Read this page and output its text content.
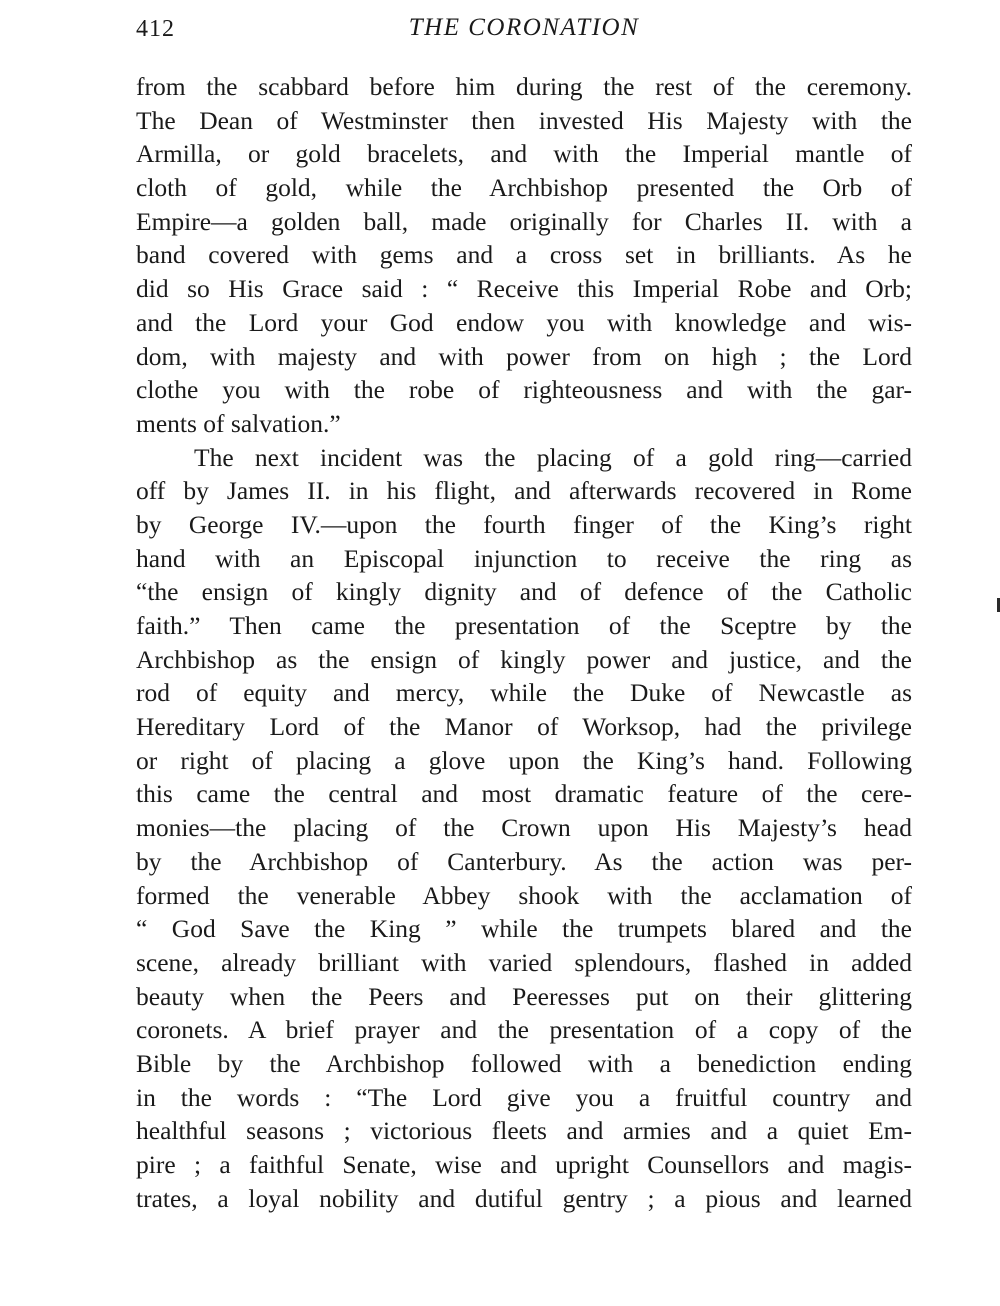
412	THE CORONATION
from the scabbard before him during the rest of the ceremony.
The Dean of Westminster then invested His Majesty with the
Armilla, or gold bracelets, and with the Imperial mantle of
cloth of gold, while the Archbishop presented the Orb of
Empire—a golden ball, made originally for Charles II. with a
band covered with gems and a cross set in brilliants. As he
did so His Grace said : “ Receive this Imperial Robe and Orb;
and the Lord your God endow you with knowledge and wis-
dom, with majesty and with power from on high ; the Lord
clothe you with the robe of righteousness and with the gar-
ments of salvation.”
The next incident was the placing of a gold ring—carried
off by James II. in his flight, and afterwards recovered in Rome
by George IV.—upon the fourth finger of the King’s right
hand with an Episcopal injunction to receive the ring as
“the ensign of kingly dignity and of defence of the Catholic
faith.” Then came the presentation of the Sceptre by the
Archbishop as the ensign of kingly power and justice, and the
rod of equity and mercy, while the Duke of Newcastle as
Hereditary Lord of the Manor of Worksop, had the privilege
or right of placing a glove upon the King’s hand. Following
this came the central and most dramatic feature of the cere-
monies—the placing of the Crown upon His Majesty’s head
by the Archbishop of Canterbury. As the action was per-
formed the venerable Abbey shook with the acclamation of
“ God Save the King ” while the trumpets blared and the
scene, already brilliant with varied splendours, flashed in added
beauty when the Peers and Peeresses put on their glittering
coronets. A brief prayer and the presentation of a copy of the
Bible by the Archbishop followed with a benediction ending
in the words : “The Lord give you a fruitful country and
healthful seasons ; victorious fleets and armies and a quiet Em-
pire ; a faithful Senate, wise and upright Counsellors and magis-
trates, a loyal nobility and dutiful gentry ; a pious and learned
